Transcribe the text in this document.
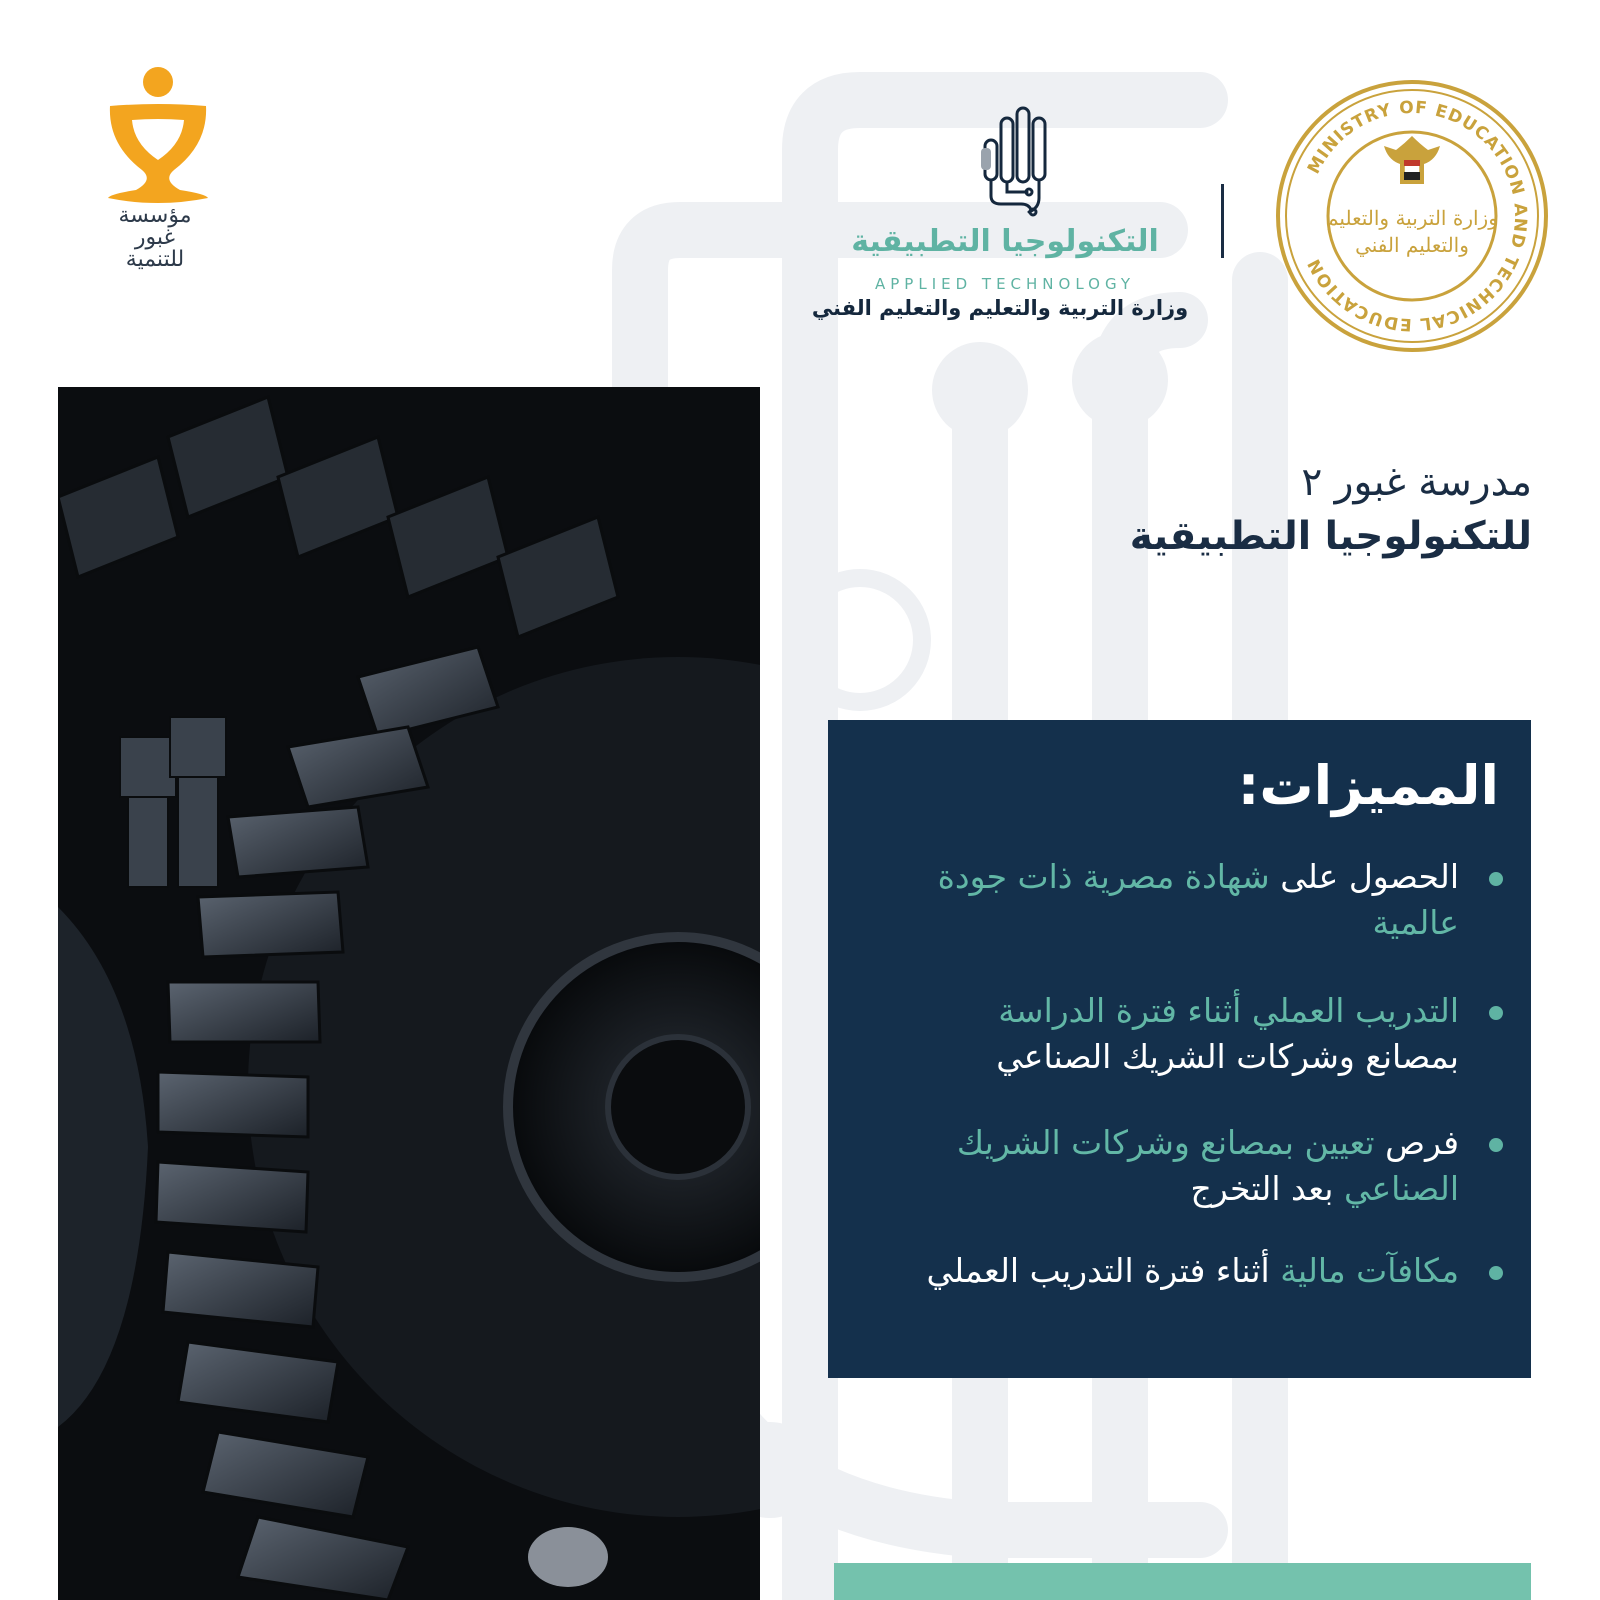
مؤسسة
غبور
للتنمية
التكنولوجيا التطبيقية
APPLIED TECHNOLOGY
وزارة التربية والتعليم والتعليم الفني
MINISTRY OF EDUCATION AND TECHNICAL EDUCATION
وزارة التربية والتعليم
والتعليم الفني
مدرسة غبور ٢
للتكنولوجيا التطبيقية
المميزات:
الحصول على شهادة مصرية ذات جودة عالمية
التدريب العملي أثناء فترة الدراسة بمصانع وشركات الشريك الصناعي
فرص تعيين بمصانع وشركات الشريك الصناعي بعد التخرج
مكافآت مالية أثناء فترة التدريب العملي
